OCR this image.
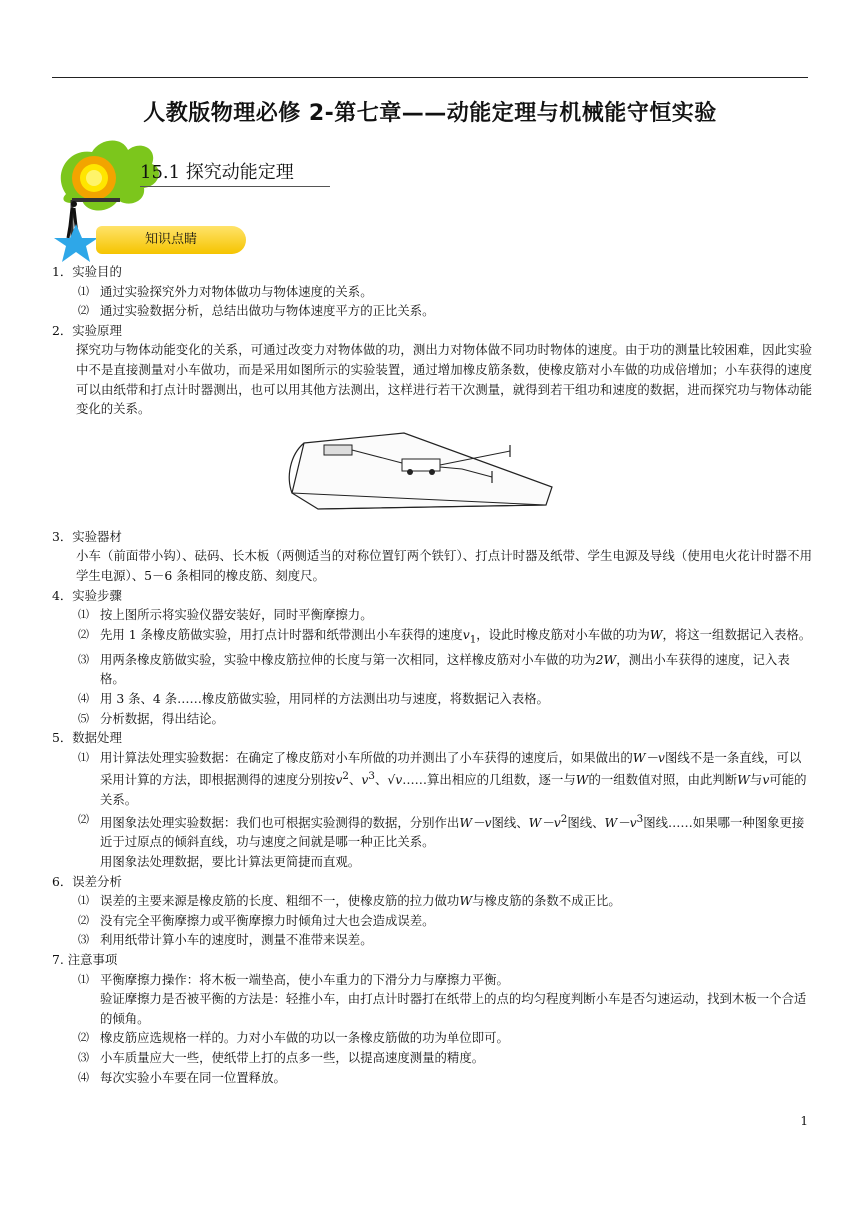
人教版物理必修 2-第七章——动能定理与机械能守恒实验
15.1 探究动能定理
知识点睛

1．实验目的

⑴ 通过实验探究外力对物体做功与物体速度的关系。

⑵ 通过实验数据分析，总结出做功与物体速度平方的正比关系。

2．实验原理

探究功与物体动能变化的关系，可通过改变力对物体做的功，测出力对物体做不同功时物体的速度。由于功的测量比较困难，因此实验中不是直接测量对小车做功，而是采用如图所示的实验装置，通过增加橡皮筋条数，使橡皮筋对小车做的功成倍增加；小车获得的速度可以由纸带和打点计时器测出，也可以用其他方法测出，这样进行若干次测量，就得到若干组功和速度的数据，进而探究功与物体动能变化的关系。

3．实验器材

小车（前面带小钩）、砝码、长木板（两侧适当的对称位置钉两个铁钉）、打点计时器及纸带、学生电源及导线（使用电火花计时器不用学生电源）、5－6 条相同的橡皮筋、刻度尺。

4．实验步骤

⑴ 按上图所示将实验仪器安装好，同时平衡摩擦力。

⑵ 先用 1 条橡皮筋做实验，用打点计时器和纸带测出小车获得的速度$v_1$，设此时橡皮筋对小车做的功为W，将这一组数据记入表格。

⑶ 用两条橡皮筋做实验，实验中橡皮筋拉伸的长度与第一次相同，这样橡皮筋对小车做的功为2W，测出小车获得的速度，记入表格。

⑷ 用 3 条、4 条……橡皮筋做实验，用同样的方法测出功与速度，将数据记入表格。

⑸ 分析数据，得出结论。

5．数据处理

⑴ 用计算法处理实验数据：在确定了橡皮筋对小车所做的功并测出了小车获得的速度后，如果做出的W－v图线不是一条直线，可以采用计算的方法，即根据测得的速度分别按$v^2$、$v^3$、√v……算出相应的几组数，逐一与W的一组数值对照，由此判断W与v可能的关系。

⑵ 用图象法处理实验数据：我们也可根据实验测得的数据，分别作出W－v图线、$W-v^2$图线、$W-v^3$图线……如果哪一种图象更接近于过原点的倾斜直线，功与速度之间就是哪一种正比关系。

用图象法处理数据，要比计算法更简捷而直观。

6．误差分析

⑴ 误差的主要来源是橡皮筋的长度、粗细不一，使橡皮筋的拉力做功W与橡皮筋的条数不成正比。

⑵ 没有完全平衡摩擦力或平衡摩擦力时倾角过大也会造成误差。

⑶ 利用纸带计算小车的速度时，测量不准带来误差。

7. 注意事项

⑴ 平衡摩擦力操作：将木板一端垫高，使小车重力的下滑分力与摩擦力平衡。

验证摩擦力是否被平衡的方法是：轻推小车，由打点计时器打在纸带上的点的均匀程度判断小车是否匀速运动，找到木板一个合适的倾角。

⑵ 橡皮筋应选规格一样的。力对小车做的功以一条橡皮筋做的功为单位即可。

⑶ 小车质量应大一些，使纸带上打的点多一些，以提高速度测量的精度。

⑷ 每次实验小车要在同一位置释放。

1
